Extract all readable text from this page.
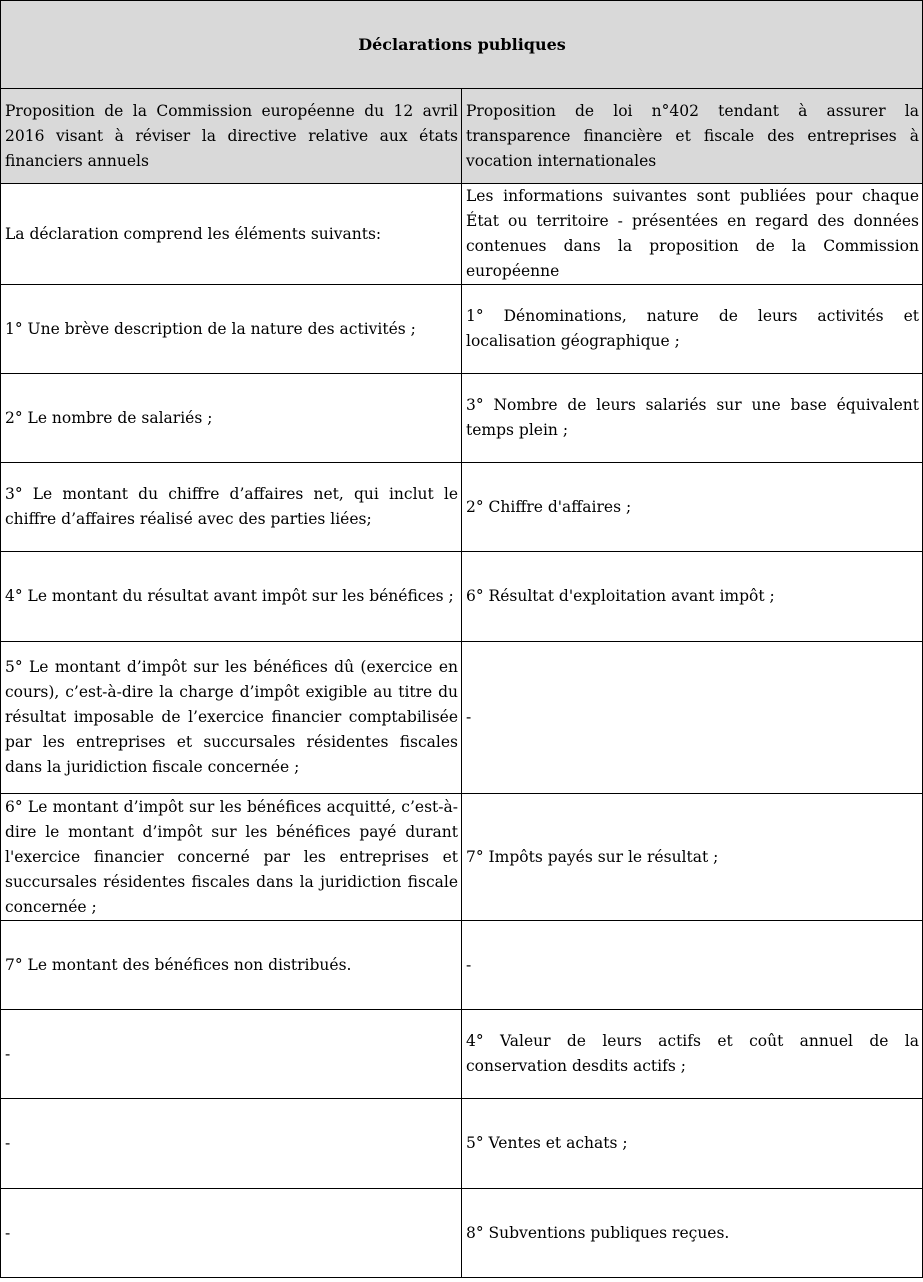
Déclarations publiques	
Proposition de la Commission européenne du 12 avril 2016 visant à réviser la directive relative aux états financiers annuels	Proposition de loi n°402 tendant à assurer la transparence financière et fiscale des entreprises à vocation internationales
La déclaration comprend les éléments suivants:	Les informations suivantes sont publiées pour chaque État ou territoire - présentées en regard des données contenues dans la proposition de la Commission européenne
1° Une brève description de la nature des activités ;	1° Dénominations, nature de leurs activités et localisation géographique ;
2° Le nombre de salariés ;	3° Nombre de leurs salariés sur une base équivalent temps plein ;
3° Le montant du chiffre d’affaires net, qui inclut le chiffre d’affaires réalisé avec des parties liées;	2° Chiffre d'affaires ;
4° Le montant du résultat avant impôt sur les bénéfices ;	6° Résultat d'exploitation avant impôt ;
5° Le montant d’impôt sur les bénéfices dû (exercice en cours), c’est-à-dire la charge d’impôt exigible au titre du résultat imposable de l’exercice financier comptabilisée par les entreprises et succursales résidentes fiscales dans la juridiction fiscale concernée ;	-
6° Le montant d’impôt sur les bénéfices acquitté, c’est-à-dire le montant d’impôt sur les bénéfices payé durant l'exercice financier concerné par les entreprises et succursales résidentes fiscales dans la juridiction fiscale concernée ;	7° Impôts payés sur le résultat ;
7° Le montant des bénéfices non distribués.	-
-	4° Valeur de leurs actifs et coût annuel de la conservation desdits actifs ;
-	5° Ventes et achats ;
-	8° Subventions publiques reçues.
